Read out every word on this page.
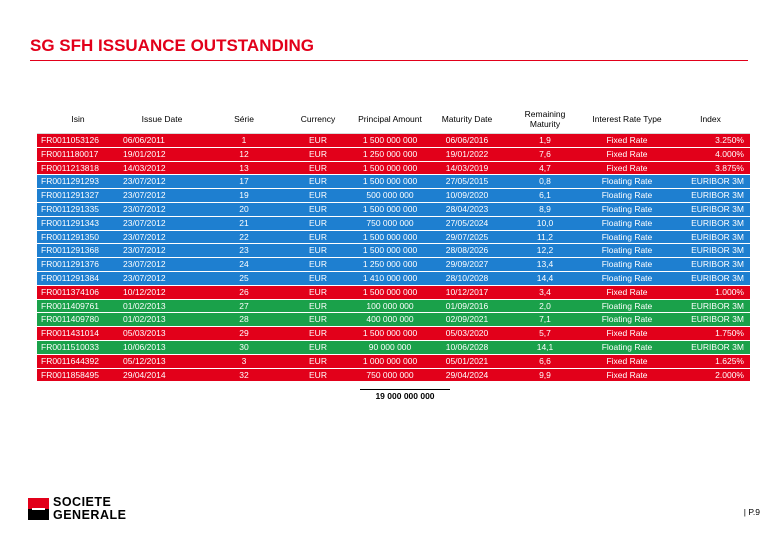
SG SFH ISSUANCE OUTSTANDING
Isin	Issue Date	Série	Currency	Principal Amount	Maturity Date	Remaining Maturity	Interest Rate Type	Index
FR0011053126	06/06/2011	1	EUR	1 500 000 000	06/06/2016	1,9	Fixed Rate	3.250%
FR0011180017	19/01/2012	12	EUR	1 250 000 000	19/01/2022	7,6	Fixed Rate	4.000%
FR0011213818	14/03/2012	13	EUR	1 500 000 000	14/03/2019	4,7	Fixed Rate	3.875%
FR0011291293	23/07/2012	17	EUR	1 500 000 000	27/05/2015	0,8	Floating Rate	EURIBOR 3M
FR0011291327	23/07/2012	19	EUR	500 000 000	10/09/2020	6,1	Floating Rate	EURIBOR 3M
FR0011291335	23/07/2012	20	EUR	1 500 000 000	28/04/2023	8,9	Floating Rate	EURIBOR 3M
FR0011291343	23/07/2012	21	EUR	750 000 000	27/05/2024	10,0	Floating Rate	EURIBOR 3M
FR0011291350	23/07/2012	22	EUR	1 500 000 000	29/07/2025	11,2	Floating Rate	EURIBOR 3M
FR0011291368	23/07/2012	23	EUR	1 500 000 000	28/08/2026	12,2	Floating Rate	EURIBOR 3M
FR0011291376	23/07/2012	24	EUR	1 250 000 000	29/09/2027	13,4	Floating Rate	EURIBOR 3M
FR0011291384	23/07/2012	25	EUR	1 410 000 000	28/10/2028	14,4	Floating Rate	EURIBOR 3M
FR0011374106	10/12/2012	26	EUR	1 500 000 000	10/12/2017	3,4	Fixed Rate	1.000%
FR0011409761	01/02/2013	27	EUR	100 000 000	01/09/2016	2,0	Floating Rate	EURIBOR 3M
FR0011409780	01/02/2013	28	EUR	400 000 000	02/09/2021	7,1	Floating Rate	EURIBOR 3M
FR0011431014	05/03/2013	29	EUR	1 500 000 000	05/03/2020	5,7	Fixed Rate	1.750%
FR0011510033	10/06/2013	30	EUR	90 000 000	10/06/2028	14,1	Floating Rate	EURIBOR 3M
FR0011644392	05/12/2013	3	EUR	1 000 000 000	05/01/2021	6,6	Fixed Rate	1.625%
FR0011858495	29/04/2014	32	EUR	750 000 000	29/04/2024	9,9	Fixed Rate	2.000%
19 000 000 000
SOCIETE
GENERALE	| P.9
